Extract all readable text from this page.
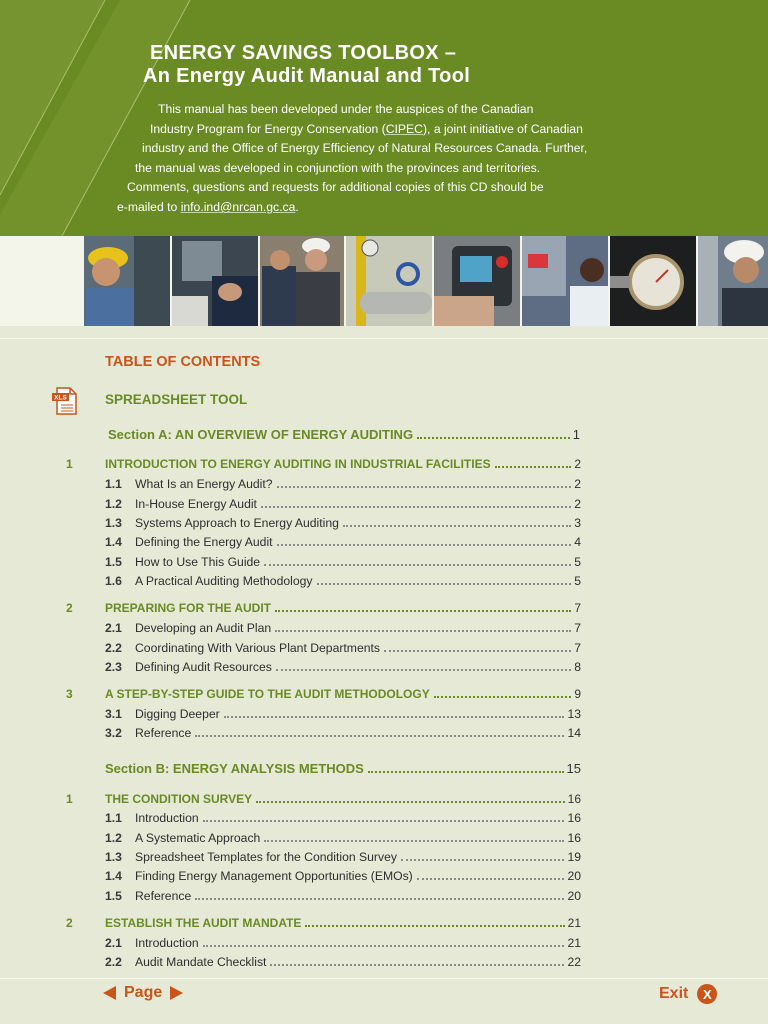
ENERGY SAVINGS TOOLBOX –
An Energy Audit Manual and Tool
This manual has been developed under the auspices of the Canadian
Industry Program for Energy Conservation (CIPEC), a joint initiative of Canadian
industry and the Office of Energy Efficiency of Natural Resources Canada. Further,
the manual was developed in conjunction with the provinces and territories.
Comments, questions and requests for additional copies of this CD should be
e-mailed to info.ind@nrcan.gc.ca.
TABLE OF CONTENTS
XLS	SPREADSHEET TOOL
Section A: AN OVERVIEW OF ENERGY AUDITING	1
1	INTRODUCTION TO ENERGY AUDITING IN INDUSTRIAL FACILITIES	2
1.1 What Is an Energy Audit?	2
1.2 In-House Energy Audit	2
1.3 Systems Approach to Energy Auditing	3
1.4 Defining the Energy Audit	4
1.5 How to Use This Guide	5
1.6 A Practical Auditing Methodology	5
2	PREPARING FOR THE AUDIT	7
2.1 Developing an Audit Plan	7
2.2 Coordinating With Various Plant Departments	7
2.3 Defining Audit Resources	8
3	A STEP-BY-STEP GUIDE TO THE AUDIT METHODOLOGY	9
3.1 Digging Deeper	13
3.2 Reference	14
Section B: ENERGY ANALYSIS METHODS	15
1	THE CONDITION SURVEY	16
1.1 Introduction	16
1.2 A Systematic Approach	16
1.3 Spreadsheet Templates for the Condition Survey	19
1.4 Finding Energy Management Opportunities (EMOs)	20
1.5 Reference	20
2	ESTABLISH THE AUDIT MANDATE	21
2.1 Introduction	21
2.2 Audit Mandate Checklist	22
Page	Exit	X
